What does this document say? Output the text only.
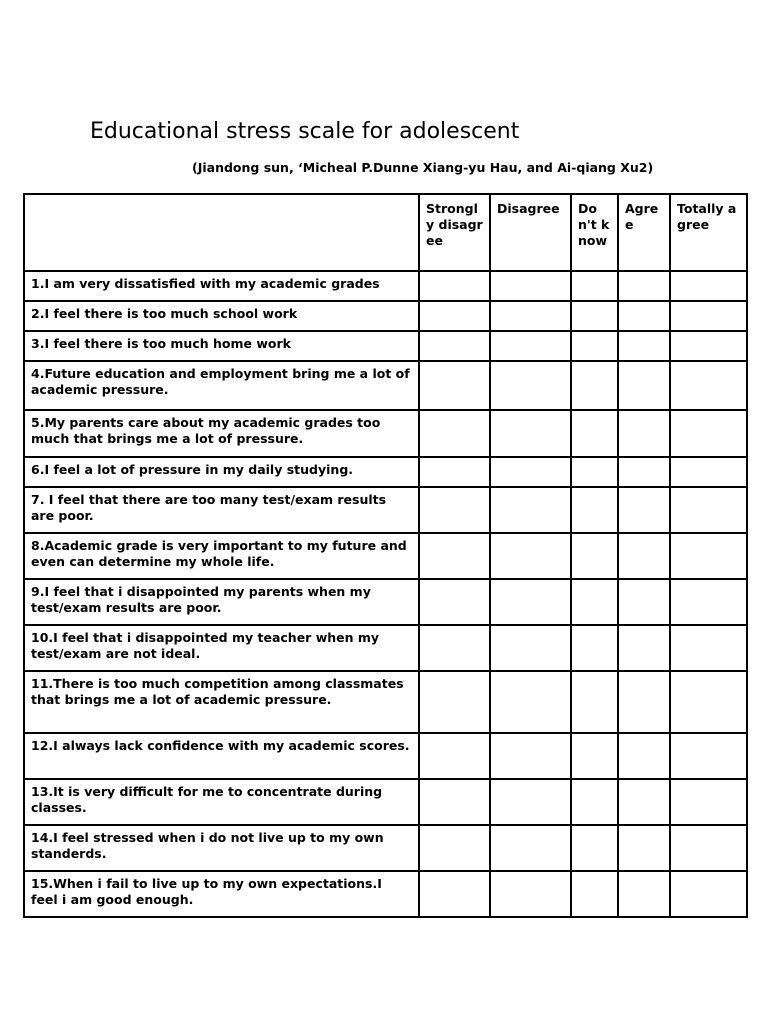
Educational stress scale for adolescent
(Jiandong sun, ‘Micheal P.Dunne Xiang-yu Hau, and Ai-qiang Xu2)
	Strongly disagree	Disagree	Don't know	Agree	Totally agree
1.I am very dissatisfied with my academic grades					
2.I feel there is too much school work					
3.I feel there is too much home work					
4.Future education and employment bring me a lot of academic pressure.					
5.My parents care about my academic grades too much that brings me a lot of pressure.					
6.I feel a lot of pressure in my daily studying.					
7. I feel that there are too many test/exam results are poor.					
8.Academic grade is very important to my future and even can determine my whole life.					
9.I feel that i disappointed my parents when my test/exam results are poor.					
10.I feel that i disappointed my teacher when my test/exam are not ideal.					
11.There is too much competition among classmates that brings me a lot of academic pressure.					
12.I always lack confidence with my academic scores.					
13.It is very difficult for me to concentrate during classes.					
14.I feel stressed when i do not live up to my own standerds.					
15.When i fail to live up to my own expectations.I feel i am good enough.					
